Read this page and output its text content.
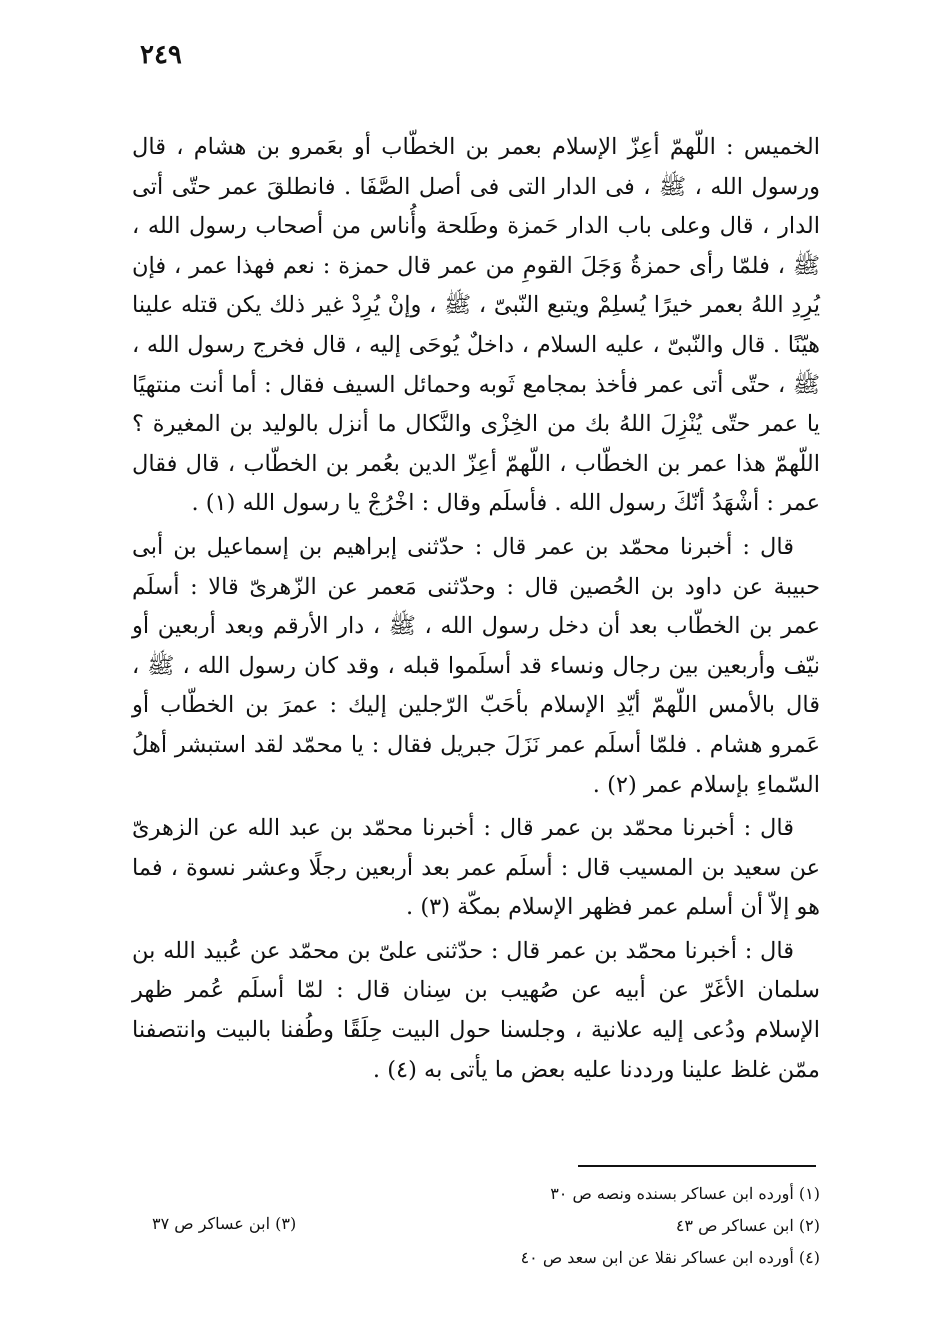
٢٤٩

الخميس : اللّهمّ أعِزّ الإسلام بعمر بن الخطّاب أو بعَمرو بن هشام ، قال ورسول الله ، ﷺ ، فى الدار التى فى أصل الصَّفَا . فانطلقَ عمر حتّى أتى الدار ، قال وعلى باب الدار حَمزة وطَلحة وأُناس من أصحاب رسول الله ، ﷺ ، فلمّا رأى حمزةُ وَجَلَ القومِ من عمر قال حمزة : نعم فهذا عمر ، فإن يُرِدِ اللهُ بعمر خيرًا يُسلِمْ ويتبع النّبىّ ، ﷺ ، وإنْ يُرِدْ غير ذلك يكن قتله علينا هيّنًا . قال والنّبىّ ، عليه السلام ، داخلٌ يُوحَى إليه ، قال فخرج رسول الله ، ﷺ ، حتّى أتى عمر فأخذ بمجامع ثَوبه وحمائل السيف فقال : أما أنت منتهيًا يا عمر حتّى يُنْزِلَ اللهُ بك من الخِزْى والنَّكال ما أنزل بالوليد بن المغيرة ؟ اللّهمّ هذا عمر بن الخطّاب ، اللّهمّ أعِزّ الدين بعُمر بن الخطّاب ، قال فقال عمر : أشْهَدُ أنّكَ رسول الله . فأسلَم وقال : اخْرُجْ يا رسول الله (١) .

قال : أخبرنا محمّد بن عمر قال : حدّثنى إبراهيم بن إسماعيل بن أبى حبيبة عن داود بن الحُصين قال : وحدّثنى مَعمر عن الزّهرىّ قالا : أسلَم عمر بن الخطّاب بعد أن دخل رسول الله ، ﷺ ، دار الأرقم وبعد أربعين أو نيّف وأربعين بين رجال ونساء قد أسلَموا قبله ، وقد كان رسول الله ، ﷺ ، قال بالأمس اللّهمّ أيّدِ الإسلام بأحَبّ الرّجلين إليك : عمرَ بن الخطّاب أو عَمرو هشام . فلمّا أسلَم عمر نَزَلَ جبريل فقال : يا محمّد لقد استبشر أهلُ السّماءِ بإسلام عمر (٢) .

قال : أخبرنا محمّد بن عمر قال : أخبرنا محمّد بن عبد الله عن الزهرىّ عن سعيد بن المسيب قال : أسلَم عمر بعد أربعين رجلًا وعشر نسوة ، فما هو إلاّ أن أسلم عمر فظهر الإسلام بمكّة (٣) .

قال : أخبرنا محمّد بن عمر قال : حدّثنى علىّ بن محمّد عن عُبيد الله بن سلمان الأغَرّ عن أبيه عن صُهيب بن سِنان قال : لمّا أسلَم عُمر ظهر الإسلام ودُعى إليه علانية ، وجلسنا حول البيت حِلَقًا وطُفنا بالبيت وانتصفنا ممّن غلظ علينا ورددنا عليه بعض ما يأتى به (٤) .

(١) أورده ابن عساكر بسنده ونصه ص ٣٠
(٢) ابن عساكر ص ٤٣
(٣) ابن عساكر ص ٣٧
(٤) أورده ابن عساكر نقلا عن ابن سعد ص ٤٠
